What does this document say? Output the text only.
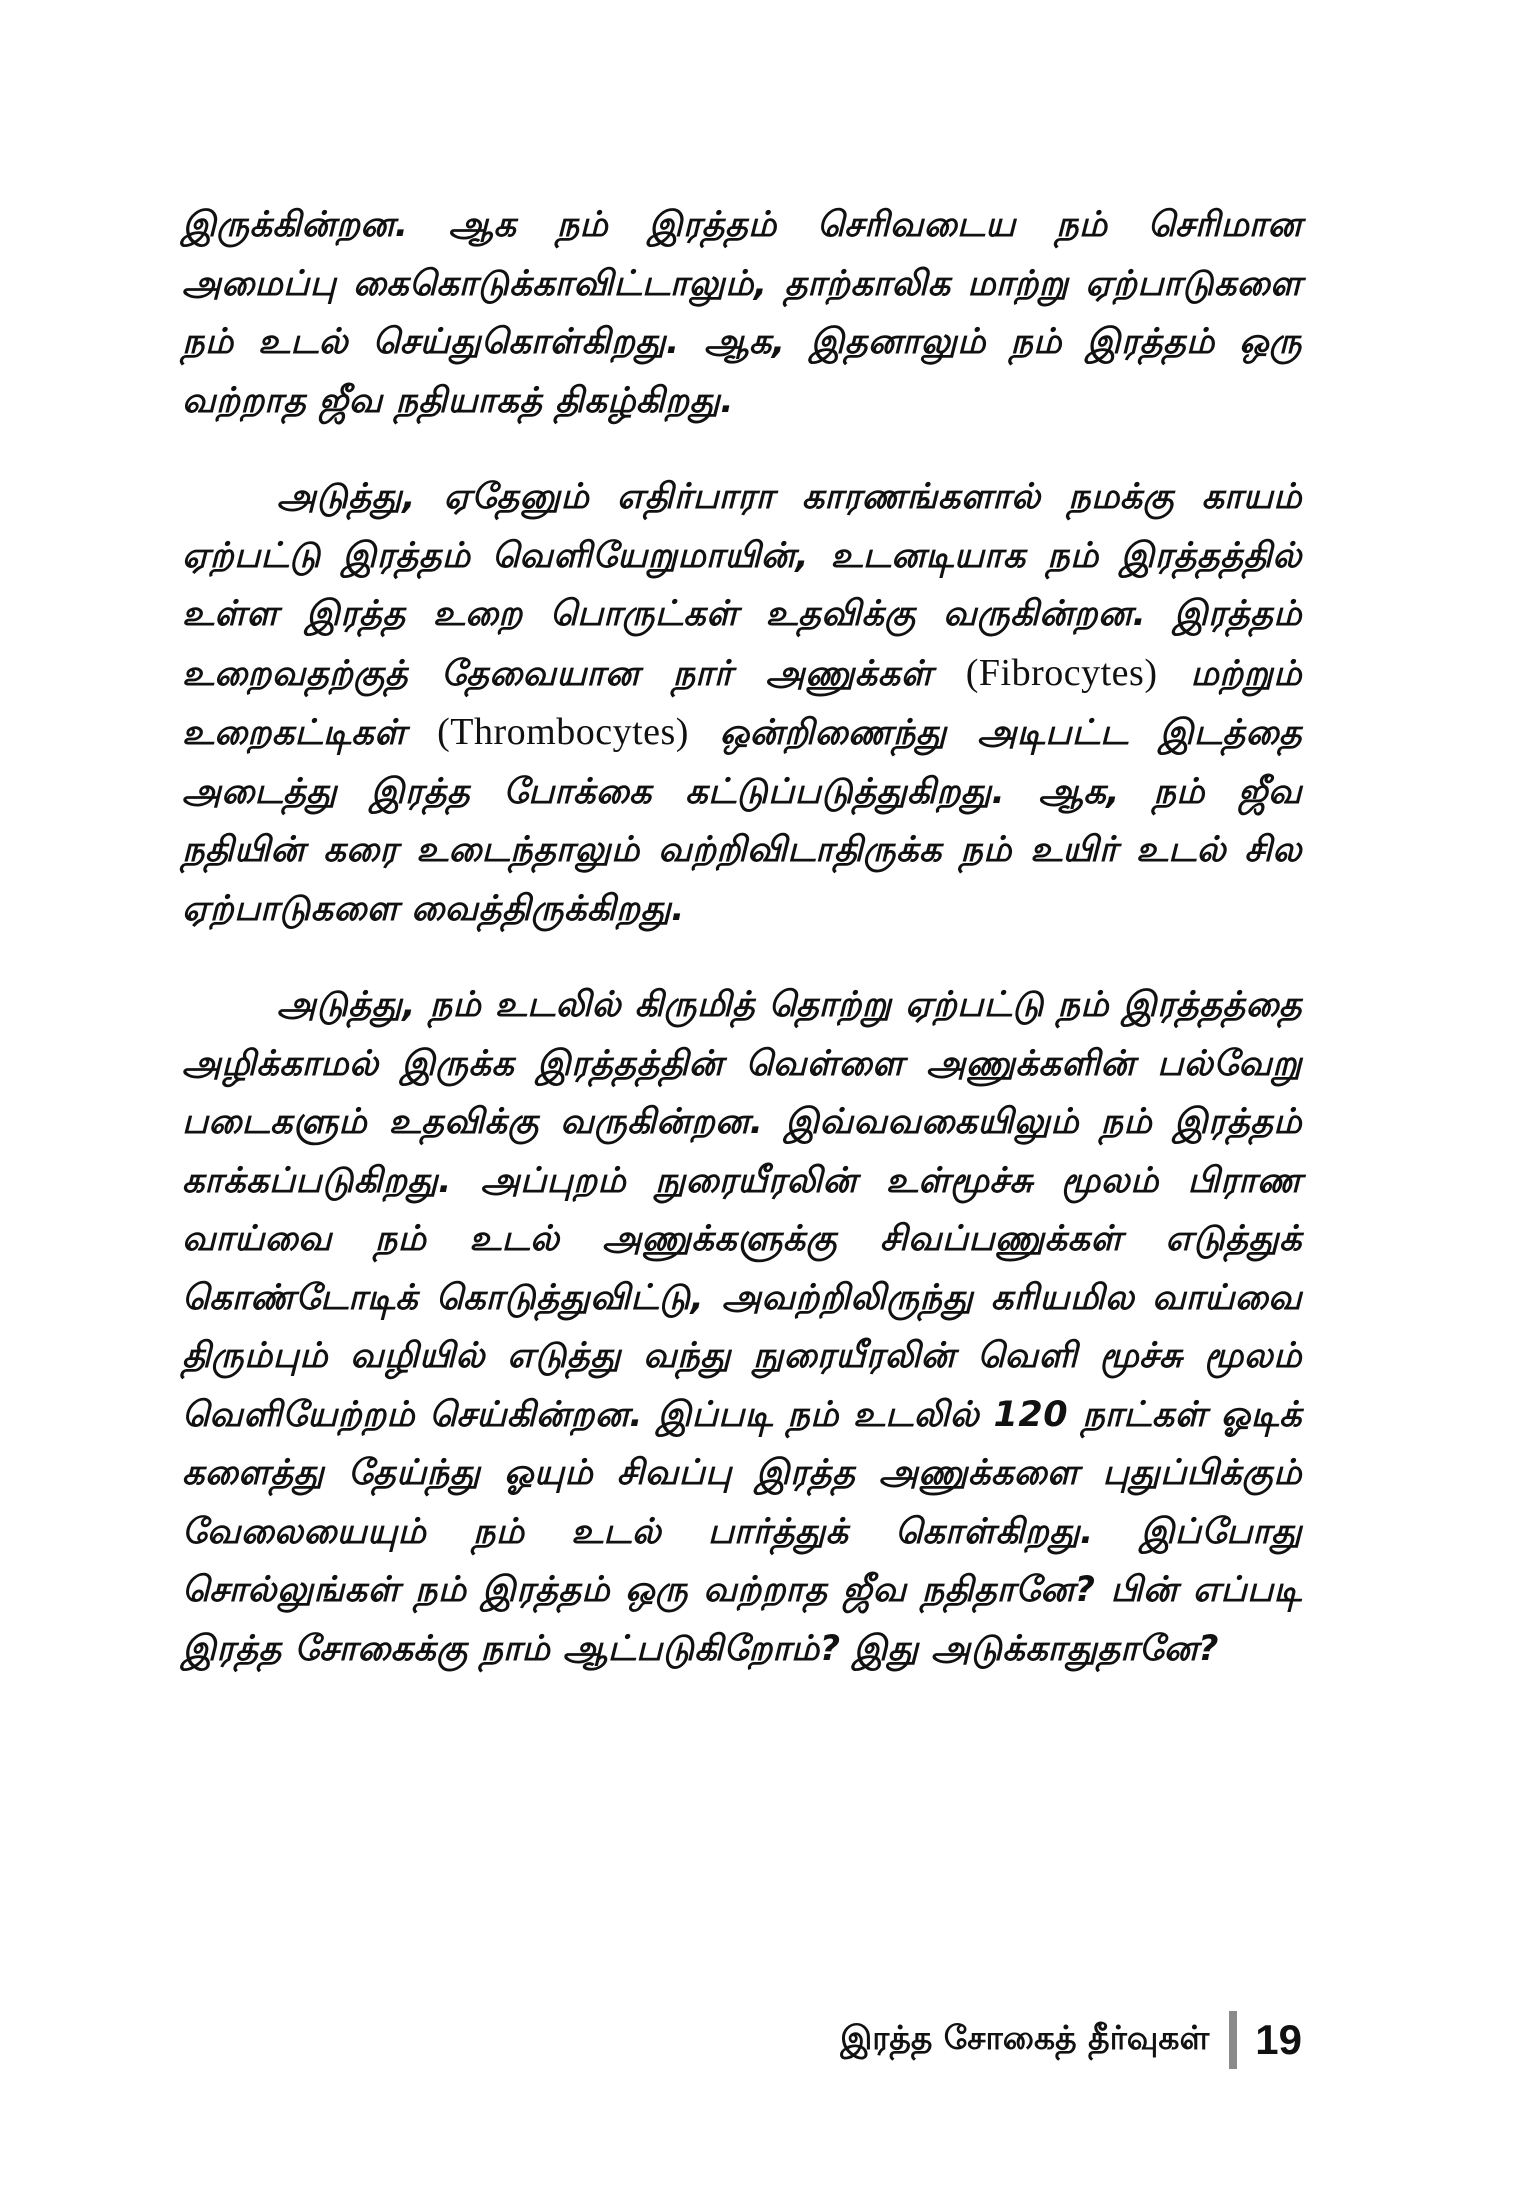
இருக்கின்றன. ஆக நம் இரத்தம் செரிவடைய நம் செரிமான அமைப்பு கைகொடுக்காவிட்டாலும், தாற்காலிக மாற்று ஏற்பாடுகளை நம் உடல் செய்துகொள்கிறது. ஆக, இதனாலும் நம் இரத்தம் ஒரு வற்றாத ஜீவ நதியாகத் திகழ்கிறது.

அடுத்து, ஏதேனும் எதிர்பாரா காரணங்களால் நமக்கு காயம் ஏற்பட்டு இரத்தம் வெளியேறுமாயின், உடனடியாக நம் இரத்தத்தில் உள்ள இரத்த உறை பொருட்கள் உதவிக்கு வருகின்றன. இரத்தம் உறைவதற்குத் தேவையான நார் அணுக்கள் (Fibrocytes) மற்றும் உறைகட்டிகள் (Thrombocytes) ஒன்றிணைந்து அடிபட்ட இடத்தை அடைத்து இரத்த போக்கை கட்டுப்படுத்துகிறது. ஆக, நம் ஜீவ நதியின் கரை உடைந்தாலும் வற்றிவிடாதிருக்க நம் உயிர் உடல் சில ஏற்பாடுகளை வைத்திருக்கிறது.

அடுத்து, நம் உடலில் கிருமித் தொற்று ஏற்பட்டு நம் இரத்தத்தை அழிக்காமல் இருக்க இரத்தத்தின் வெள்ளை அணுக்களின் பல்வேறு படைகளும் உதவிக்கு வருகின்றன. இவ்வவகையிலும் நம் இரத்தம் காக்கப்படுகிறது. அப்புறம் நுரையீரலின் உள்மூச்சு மூலம் பிராண வாய்வை நம் உடல் அணுக்களுக்கு சிவப்பணுக்கள் எடுத்துக் கொண்டோடிக் கொடுத்துவிட்டு, அவற்றிலிருந்து கரியமில வாய்வை திரும்பும் வழியில் எடுத்து வந்து நுரையீரலின் வெளி மூச்சு மூலம் வெளியேற்றம் செய்கின்றன. இப்படி நம் உடலில் 120 நாட்கள் ஓடிக் களைத்து தேய்ந்து ஓயும் சிவப்பு இரத்த அணுக்களை புதுப்பிக்கும் வேலையையும் நம் உடல் பார்த்துக் கொள்கிறது. இப்போது சொல்லுங்கள் நம் இரத்தம் ஒரு வற்றாத ஜீவ நதிதானே? பின் எப்படி இரத்த சோகைக்கு நாம் ஆட்படுகிறோம்? இது அடுக்காதுதானே?

இரத்த சோகைத் தீர்வுகள் 19
